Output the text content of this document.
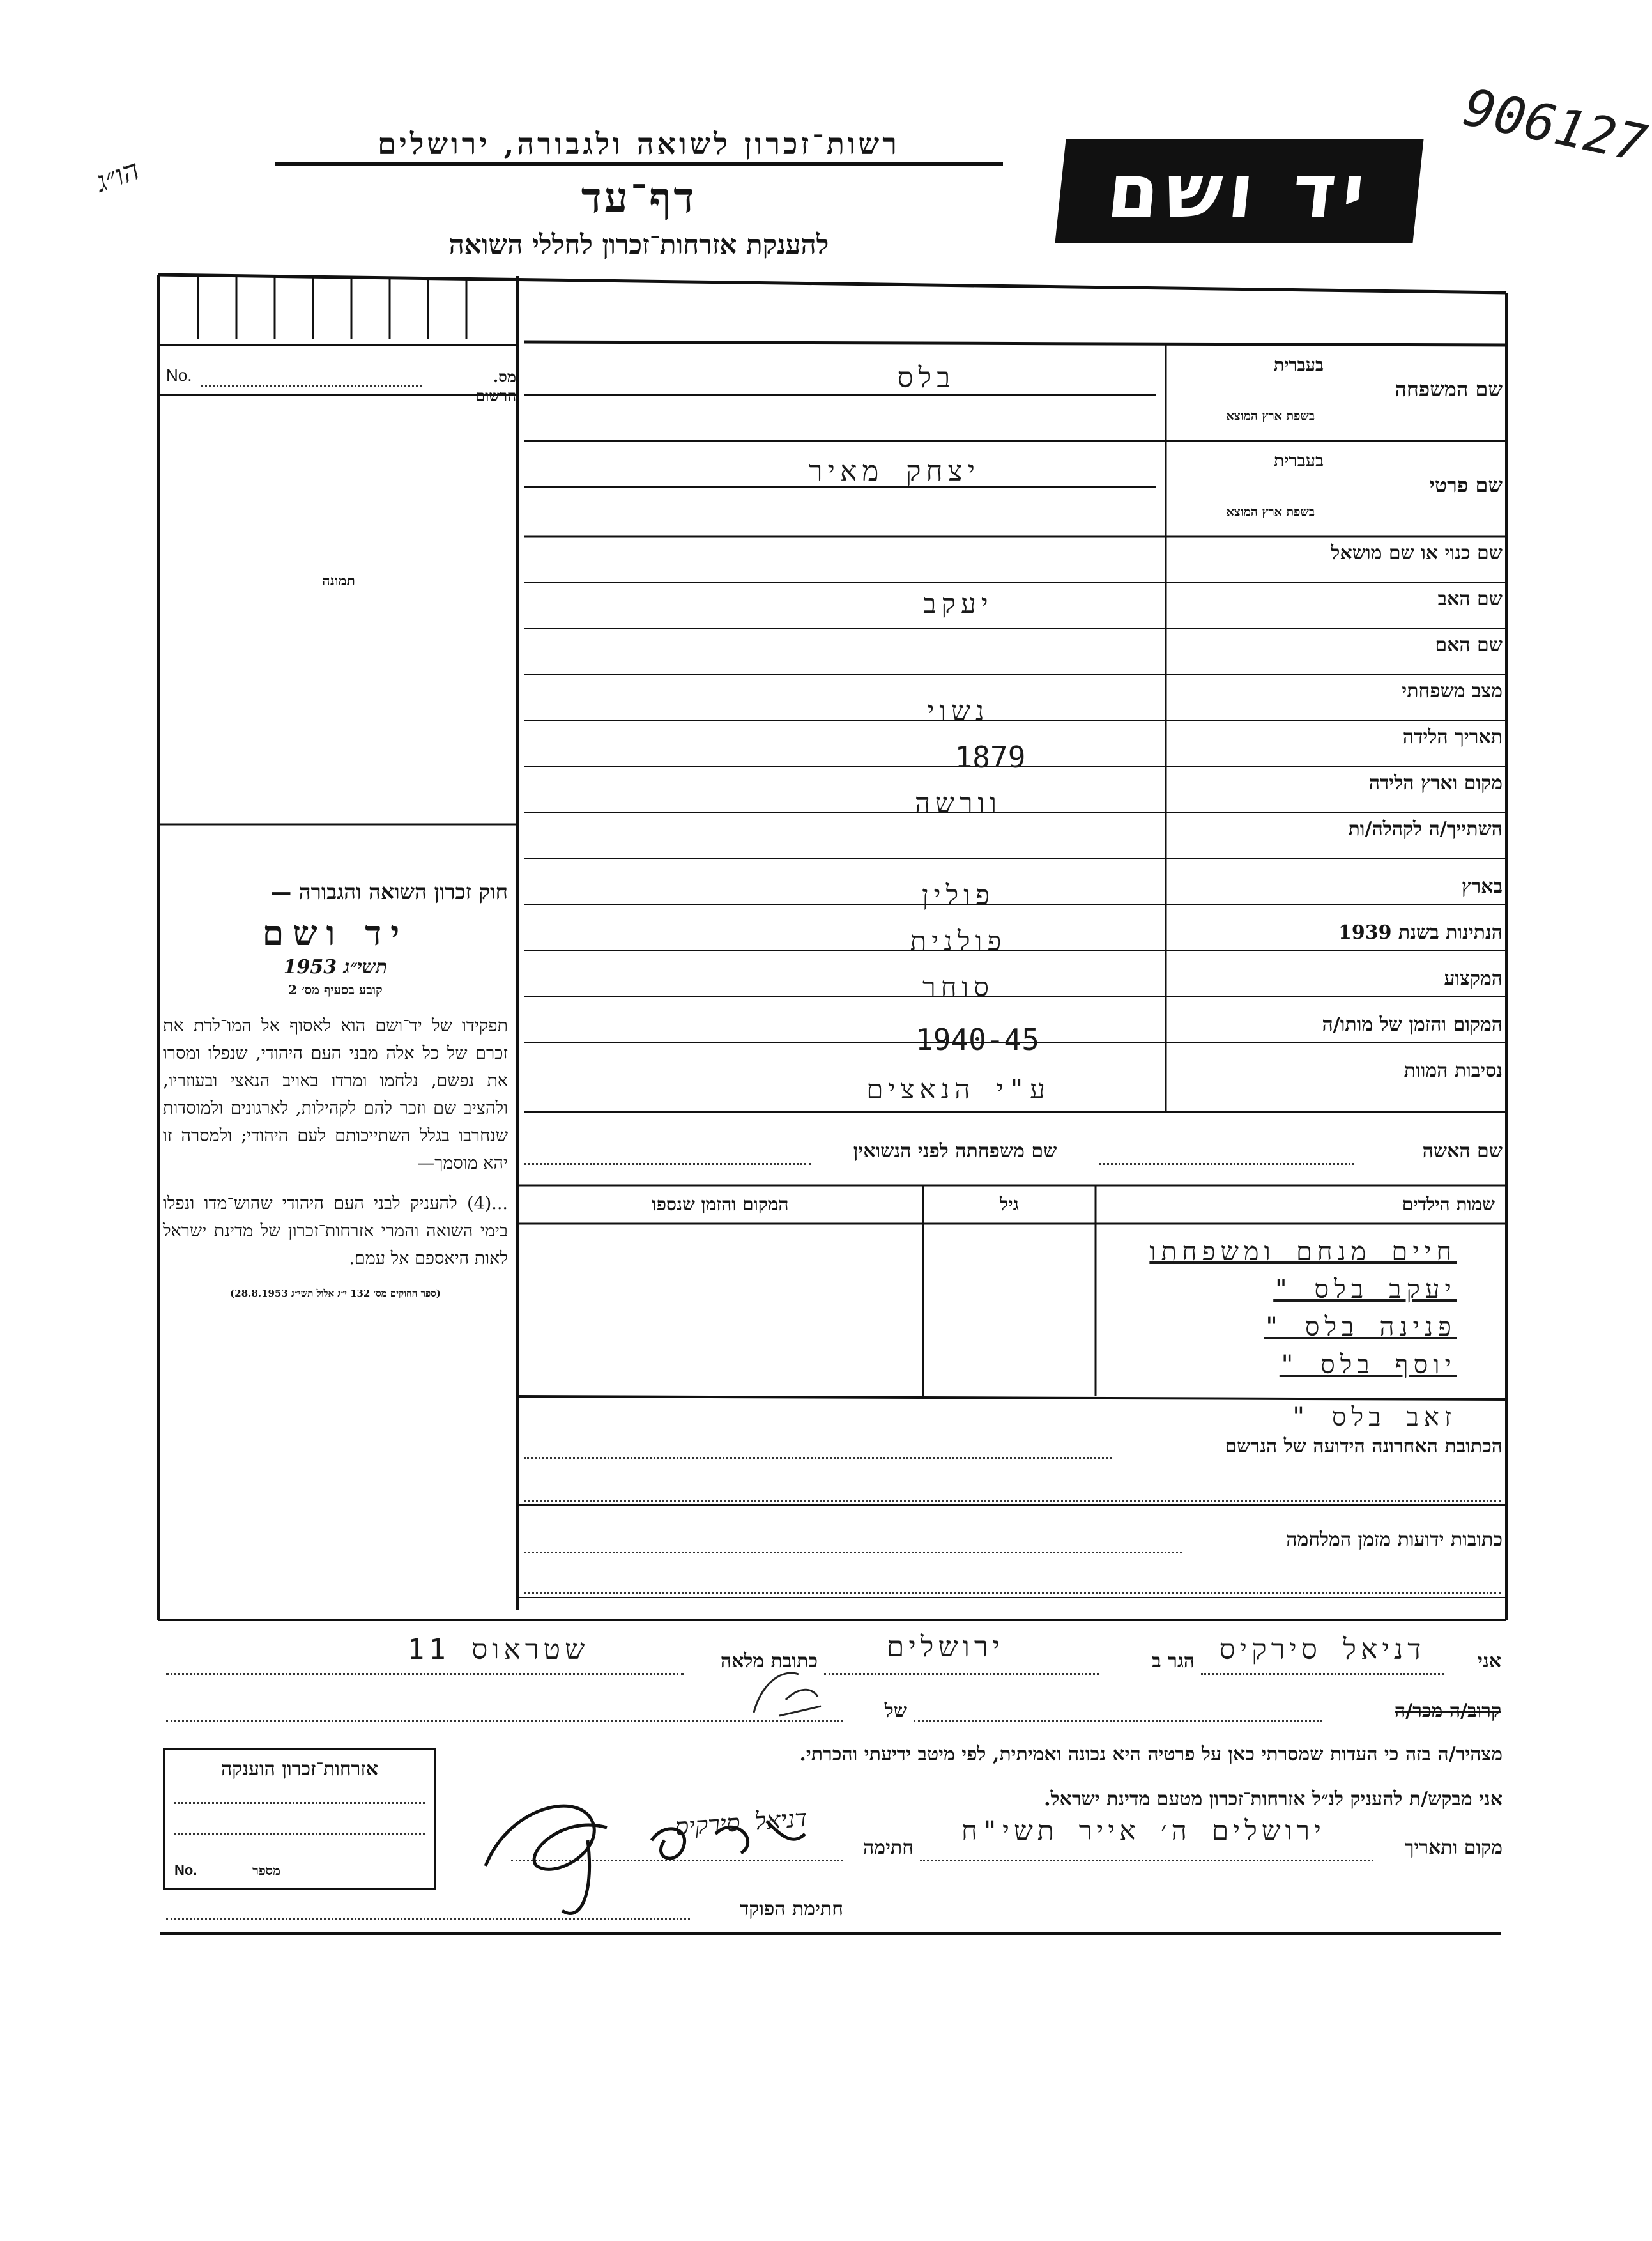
הו״ג
906127
רשות־זכרון לשואה ולגבורה, ירושלים
דף־עד
להענקת אזרחות־זכרון לחללי השואה
יד ושם
מס. הרשום
No.
תמונה
שם המשפחה
בעברית
בשפת ארץ המוצא
בלס
שם פרטי
בעברית
בשפת ארץ המוצא
יצחק מאיר
שם כנוי או שם מושאל
שם האב
יעקב
שם האם
מצב משפחתי
נשוי
תאריך הלידה
1879
מקום וארץ הלידה
וורשה
השתייך/ה לקהלה/ות
בארץ
פולין
הנתינות בשנת 1939
פולנית
המקצוע
סוחר
המקום והזמן של מותו/ה
1940-45
נסיבות המוות
ע"י הנאצים
שם האשה
שם משפחתה לפני הנשואין
שמות הילדים
גיל
המקום והזמן שנספו
חיים מנחם ומשפחתו
יעקב בלס "
פנינה בלס "
יוסף בלס "
זאב בלס "
הכתובת האחרונה הידועה של הנרשם
כתובות ידועות מזמן המלחמה
חוק זכרון השואה והגבורה —
יד ושם
תשי״ג 1953
קובע בסעיף מס׳ 2
תפקידו של יד־ושם הוא לאסוף אל המו־לדת את זכרם של כל אלה מבני העם היהודי, שנפלו ומסרו את נפשם, נלחמו ומרדו באויב הנאצי ובעוזריו, ולהציב שם וזכר להם לקהילות, לארגונים ולמוסדות שנחרבו בגלל השתייכותם לעם היהודי; ולמסרה זו יהא מוסמך—
...(4) להעניק לבני העם היהודי שהוש־מדו ונפלו בימי השואה והמרי אזרחות־זכרון של מדינת ישראל לאות היאספם אל עמם.
(ספר החוקים מס׳ 132 י״ג אלול תשי״ג 28.8.1953)
אני
דניאל סירקיס
הגר ב
ירושלים
כתובת מלאה
שטראוס 11
קרוב/ה מכר/ה
של
מצהיר/ה בזה כי העדות שמסרתי כאן על פרטיה היא נכונה ואמיתית, לפי מיטב ידיעתי והכרתי.
אני מבקש/ת להעניק לנ״ל אזרחות־זכרון מטעם מדינת ישראל.
מקום ותאריך
ירושלים ה׳ אייר תשי"ח
חתימה
דניאל סירקיס
חתימת הפוקד
אזרחות־זכרון הוענקה
No.	מספר
